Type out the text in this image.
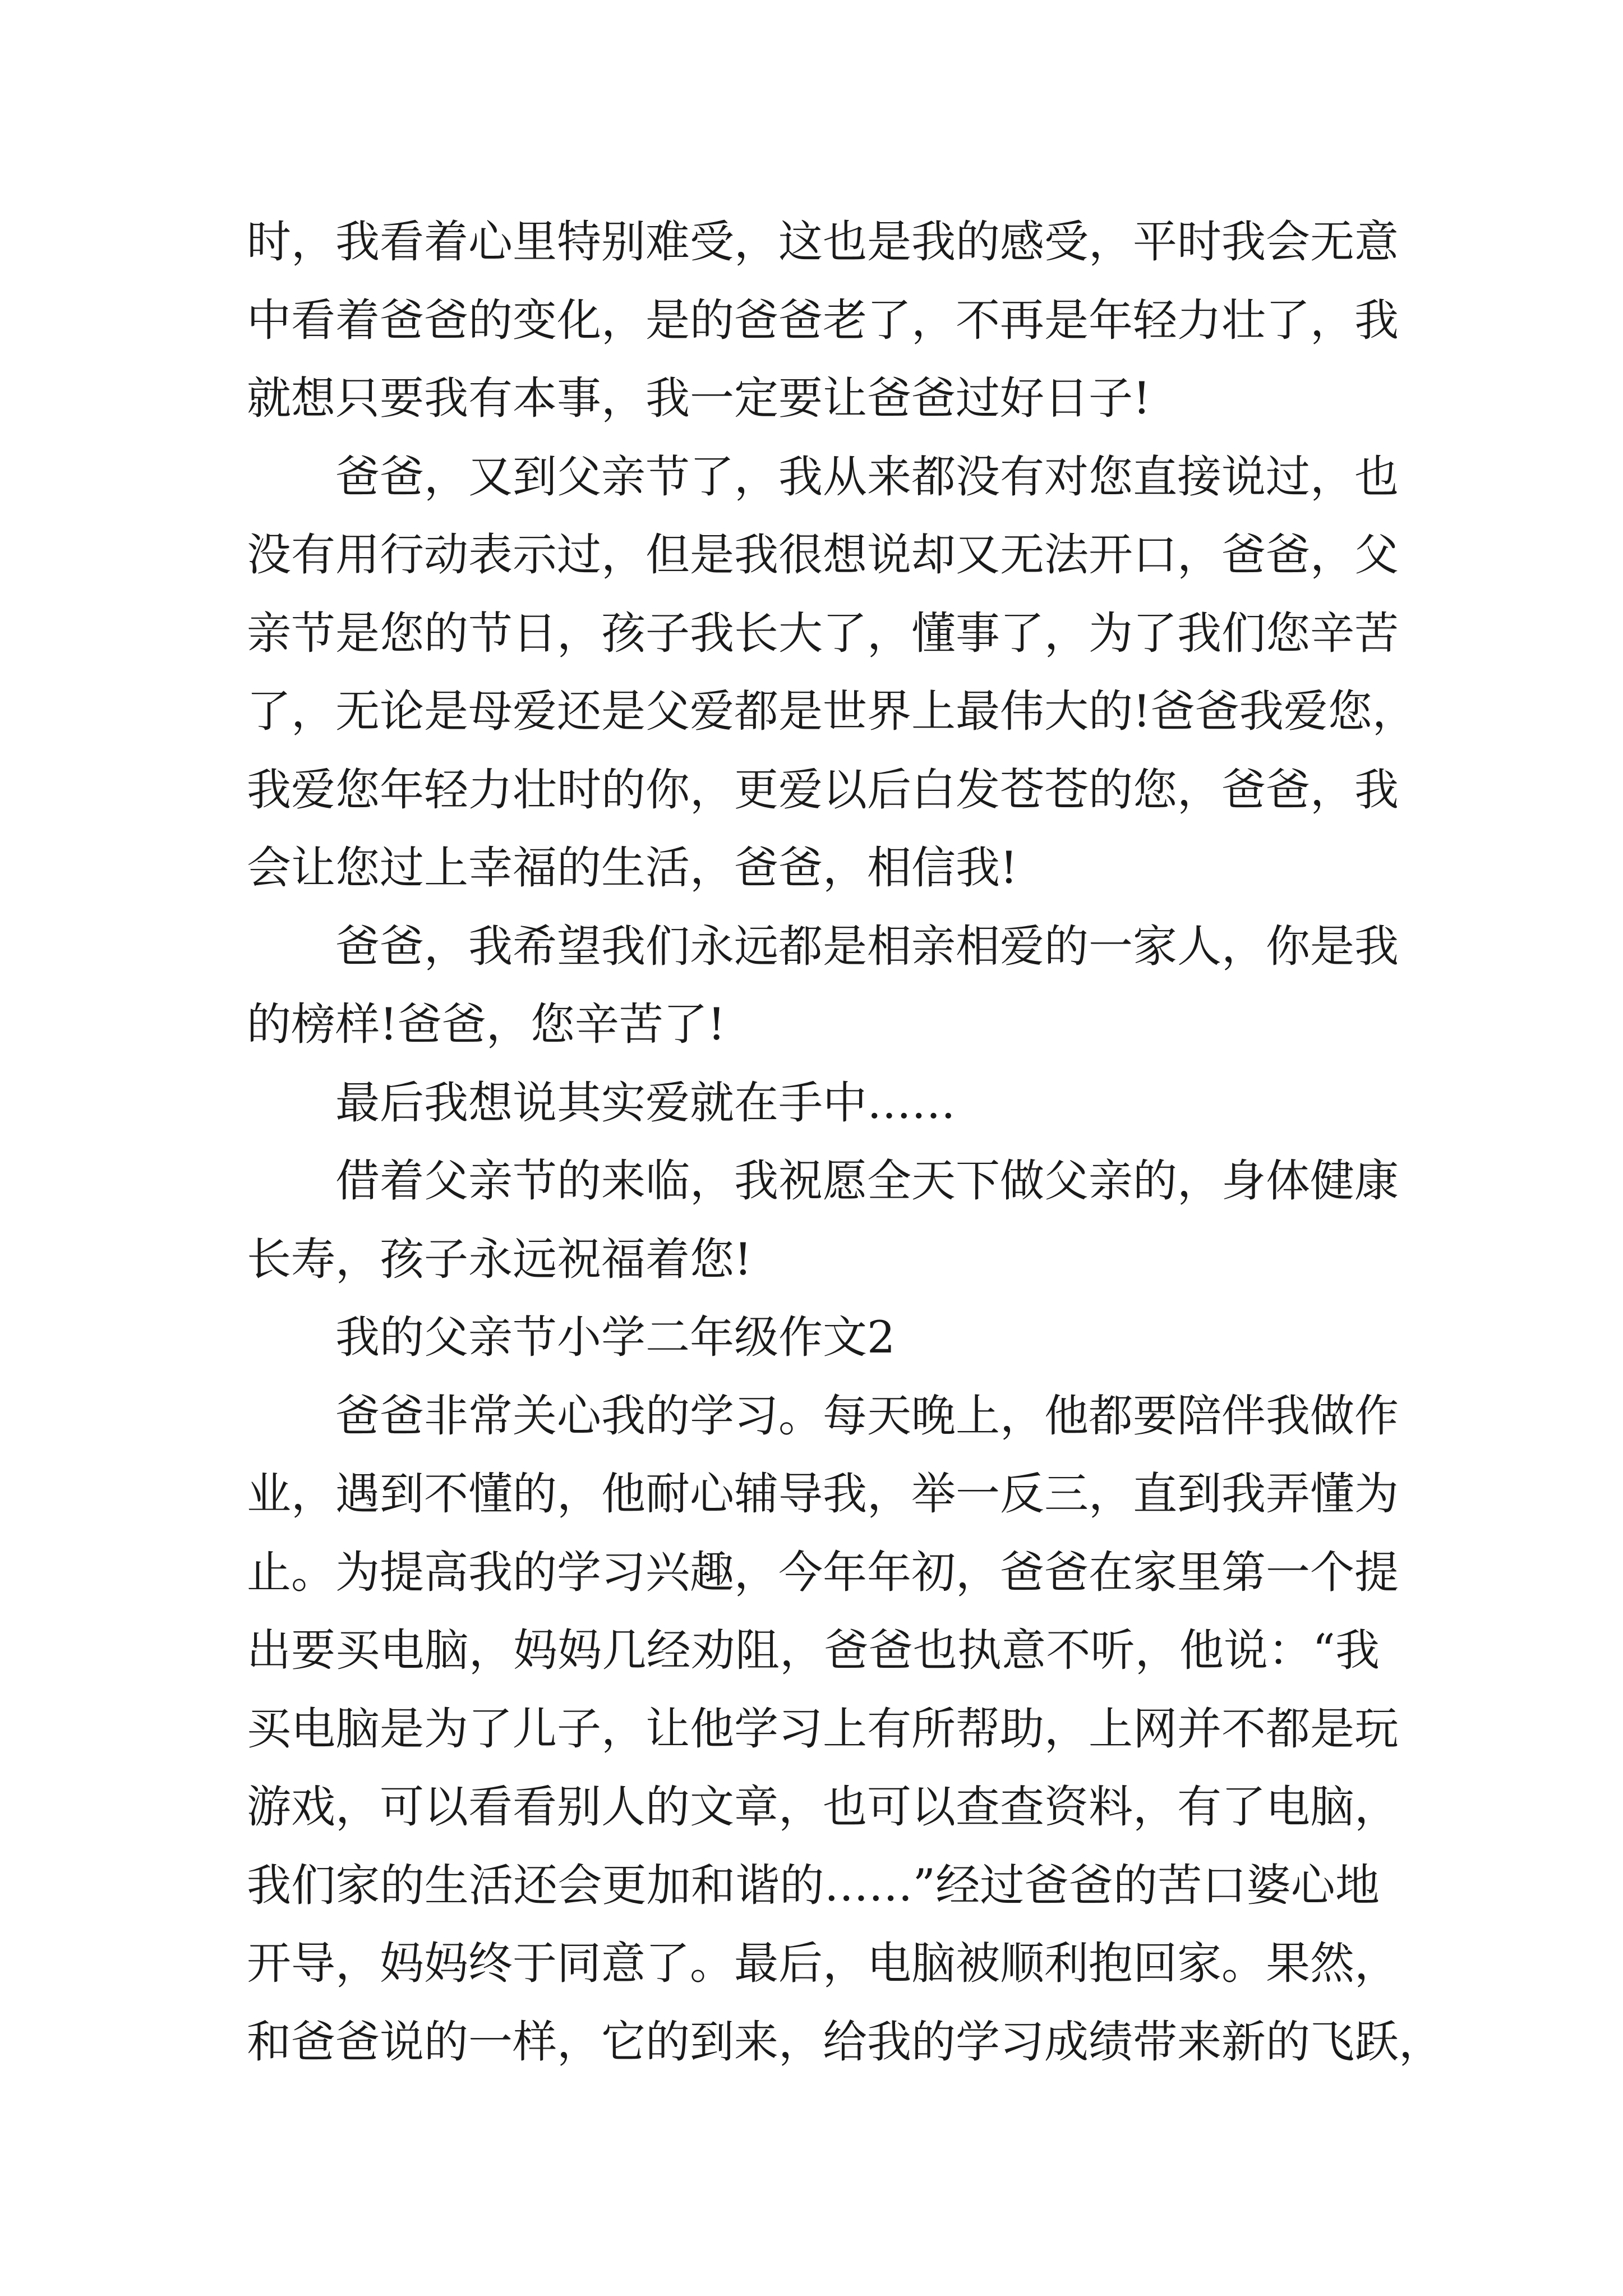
时，我看着心里特别难受，这也是我的感受，平时我会无意
中看着爸爸的变化，是的爸爸老了，不再是年轻力壮了，我
就想只要我有本事，我一定要让爸爸过好日子!
爸爸，又到父亲节了，我从来都没有对您直接说过，也
没有用行动表示过，但是我很想说却又无法开口，爸爸，父
亲节是您的节日，孩子我长大了，懂事了，为了我们您辛苦
了，无论是母爱还是父爱都是世界上最伟大的!爸爸我爱您，
我爱您年轻力壮时的你，更爱以后白发苍苍的您，爸爸，我
会让您过上幸福的生活，爸爸，相信我!
爸爸，我希望我们永远都是相亲相爱的一家人，你是我
的榜样!爸爸，您辛苦了!
最后我想说其实爱就在手中……
借着父亲节的来临，我祝愿全天下做父亲的，身体健康
长寿，孩子永远祝福着您!
我的父亲节小学二年级作文2
爸爸非常关心我的学习。每天晚上，他都要陪伴我做作
业，遇到不懂的，他耐心辅导我，举一反三，直到我弄懂为
止。为提高我的学习兴趣，今年年初，爸爸在家里第一个提
出要买电脑，妈妈几经劝阻，爸爸也执意不听，他说：“我
买电脑是为了儿子，让他学习上有所帮助，上网并不都是玩
游戏，可以看看别人的文章，也可以查查资料，有了电脑，
我们家的生活还会更加和谐的……”经过爸爸的苦口婆心地
开导，妈妈终于同意了。最后，电脑被顺利抱回家。果然，
和爸爸说的一样，它的到来，给我的学习成绩带来新的飞跃，
